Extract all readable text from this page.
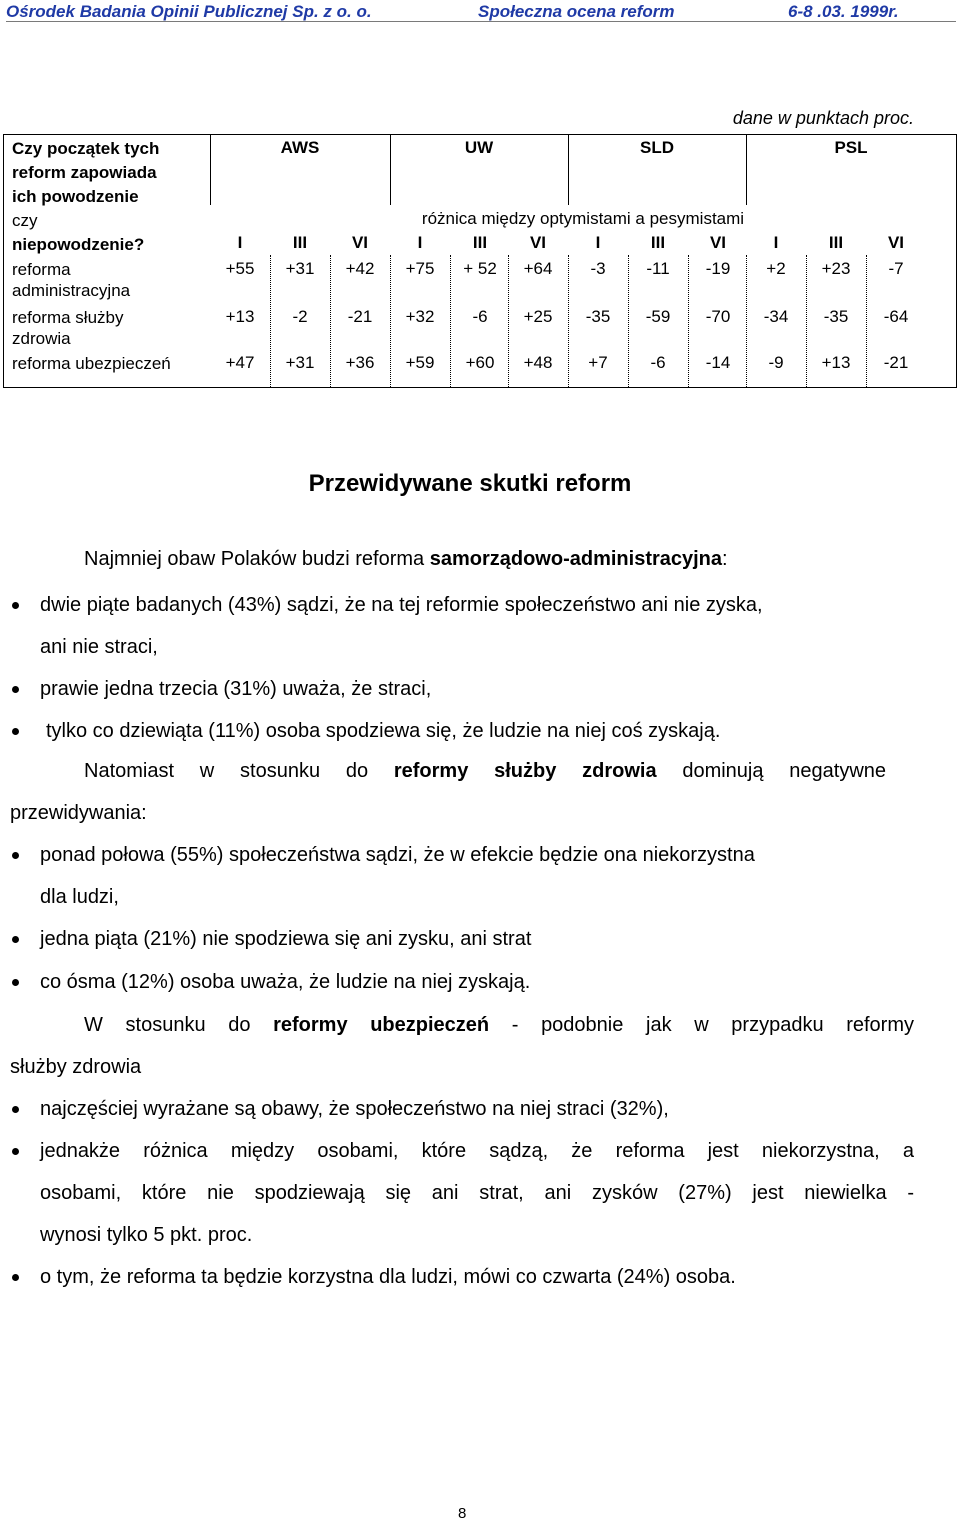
Ośrodek Badania Opinii Publicznej Sp. z o. o.	Społeczna ocena reform	6-8 .03. 1999r.
dane w punktach proc.
Czy początek tych
reform zapowiada
ich powodzenie
czy
niepowodzenie?
AWS	UW	SLD	PSL
różnica między optymistami a pesymistami
I	III	VI	I	III	VI	I	III	VI	I	III	VI
reforma
administracyjna
+55	+31	+42	+75	+ 52	+64	-3	-11	-19	+2	+23	-7
reforma służby
zdrowia
+13	-2	-21	+32	-6	+25	-35	-59	-70	-34	-35	-64
reforma ubezpieczeń	+47	+31	+36	+59	+60	+48	+7	-6	-14	-9	+13	-21
Przewidywane skutki reform
Najmniej obaw Polaków budzi reforma samorządowo-administracyjna:
dwie piąte badanych (43%) sądzi, że na tej reformie społeczeństwo ani nie zyska,
ani nie straci,
prawie jedna trzecia (31%) uważa, że straci,
tylko co dziewiąta (11%) osoba spodziewa się, że ludzie na niej coś zyskają.
Natomiast w stosunku do reformy służby zdrowia dominują negatywne
przewidywania:
ponad połowa (55%) społeczeństwa sądzi, że w efekcie będzie ona niekorzystna
dla ludzi,
jedna piąta (21%) nie spodziewa się ani zysku, ani strat
co ósma (12%) osoba uważa, że ludzie na niej zyskają.
W stosunku do reformy ubezpieczeń - podobnie jak w przypadku reformy
służby zdrowia
najczęściej wyrażane są obawy, że społeczeństwo na niej straci (32%),
jednakże różnica między osobami, które sądzą, że reforma jest niekorzystna, a
osobami, które nie spodziewają się ani strat, ani zysków (27%) jest niewielka -
wynosi tylko 5 pkt. proc.
o tym, że reforma ta będzie korzystna dla ludzi, mówi co czwarta (24%) osoba.
8
